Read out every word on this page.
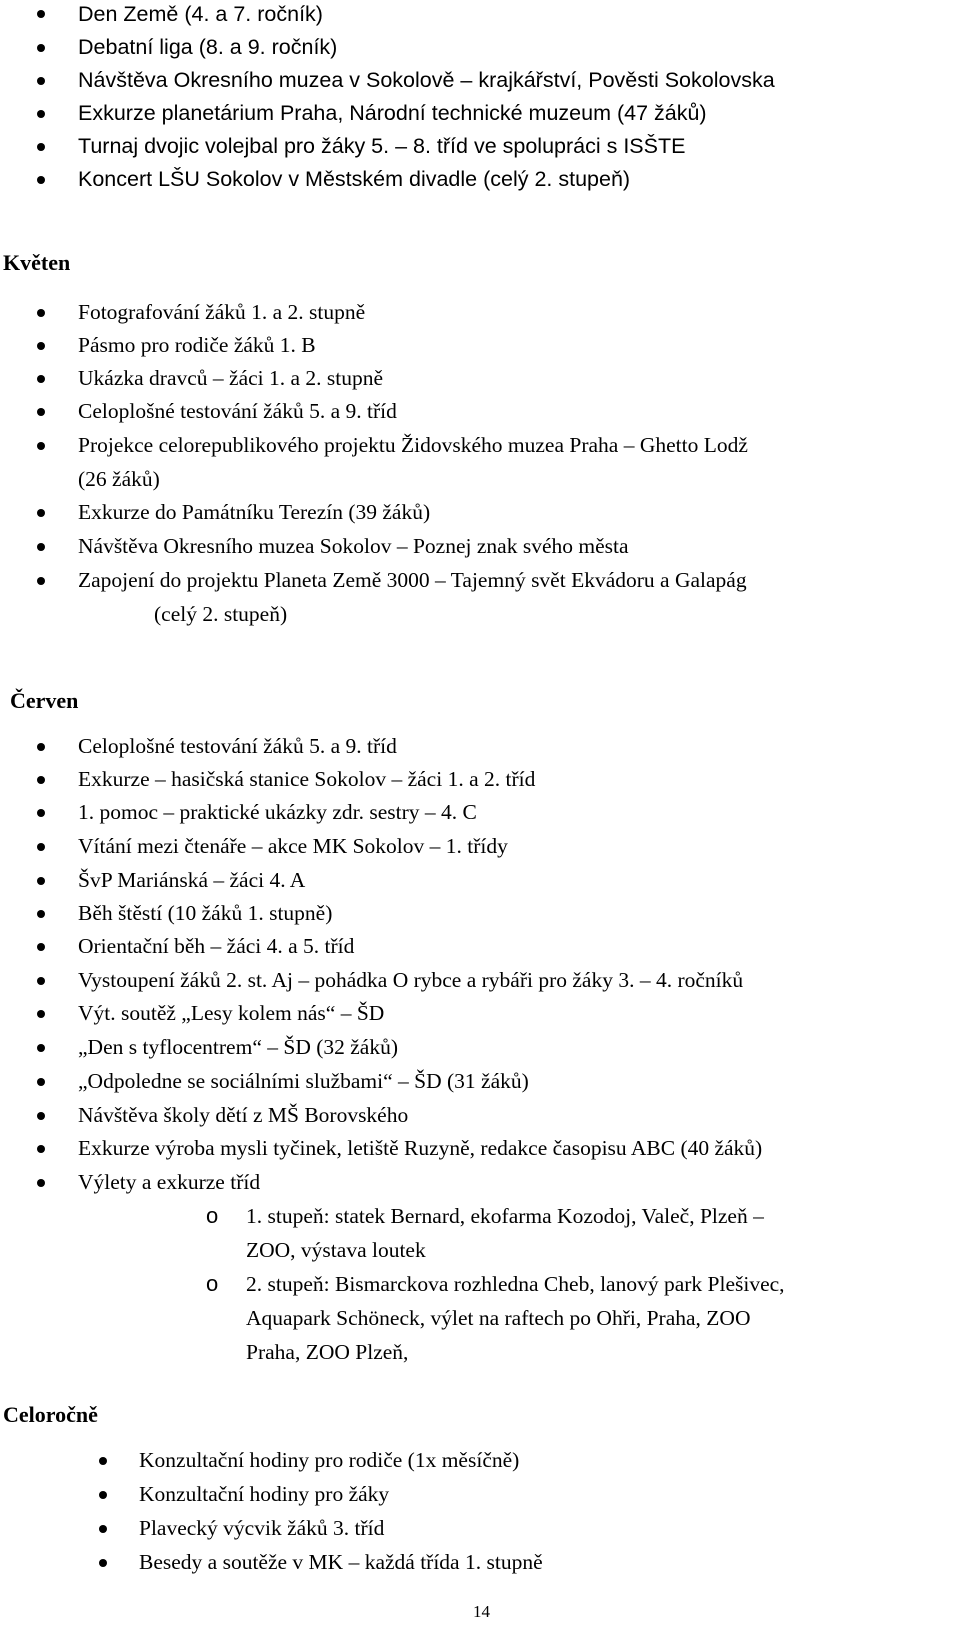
Den Země (4. a 7. ročník)
Debatní liga (8. a 9. ročník)
Návštěva Okresního muzea v Sokolově – krajkářství, Pověsti Sokolovska
Exkurze planetárium Praha, Národní technické muzeum (47 žáků)
Turnaj dvojic volejbal pro žáky 5. – 8. tříd ve spolupráci s ISŠTE
Koncert LŠU Sokolov v Městském divadle (celý 2. stupeň)
Květen
Fotografování žáků 1. a 2. stupně
Pásmo pro rodiče žáků 1. B
Ukázka dravců – žáci 1. a 2. stupně
Celoplošné testování žáků 5. a 9. tříd
Projekce celorepublikového projektu Židovského muzea Praha – Ghetto Lodž
(26 žáků)
Exkurze do Památníku Terezín (39 žáků)
Návštěva Okresního muzea Sokolov – Poznej znak svého města
Zapojení do projektu Planeta Země 3000 – Tajemný svět Ekvádoru a Galapág
(celý 2. stupeň)
Červen
Celoplošné testování žáků 5. a 9. tříd
Exkurze – hasičská stanice Sokolov – žáci 1. a 2. tříd
1. pomoc – praktické ukázky zdr. sestry – 4. C
Vítání mezi čtenáře – akce MK Sokolov – 1. třídy
ŠvP Mariánská – žáci 4. A
Běh štěstí (10 žáků 1. stupně)
Orientační běh – žáci 4. a 5. tříd
Vystoupení žáků 2. st. Aj – pohádka O rybce a rybáři pro žáky 3. – 4. ročníků
Výt. soutěž „Lesy kolem nás“ – ŠD
„Den s tyflocentrem“ – ŠD (32 žáků)
„Odpoledne se sociálními službami“ – ŠD (31 žáků)
Návštěva školy dětí z MŠ Borovského
Exkurze výroba mysli tyčinek, letiště Ruzyně, redakce časopisu ABC (40 žáků)
Výlety a exkurze tříd
o 1. stupeň: statek Bernard, ekofarma Kozodoj, Valeč, Plzeň –
ZOO, výstava loutek
o 2. stupeň: Bismarckova rozhledna Cheb, lanový park Plešivec,
Aquapark Schöneck, výlet na raftech po Ohři, Praha, ZOO
Praha, ZOO Plzeň,
Celoročně
Konzultační hodiny pro rodiče (1x měsíčně)
Konzultační hodiny pro žáky
Plavecký výcvik žáků 3. tříd
Besedy a soutěže v MK – každá třída 1. stupně
14
